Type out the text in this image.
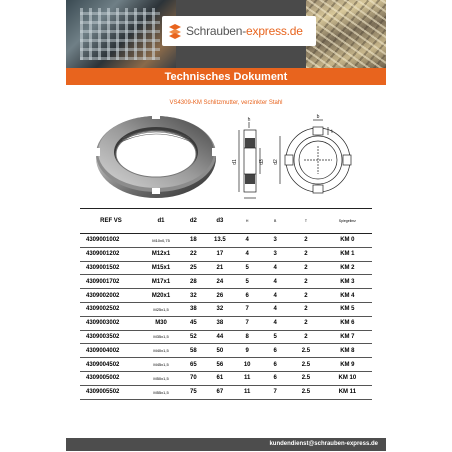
Schrauben-express.de
Technisches Dokument
VS4309-KM Schlitzmutter, verzinkter Stahl
h
d1	d3
b
t
d2
REF VS	d1	d2	d3	H	B	T	Spiegellmz
4309001002	M10x0,75	18	13.5	4	3	2	KM 0
4309001202	M12x1	22	17	4	3	2	KM 1
4309001502	M15x1	25	21	5	4	2	KM 2
4309001702	M17x1	28	24	5	4	2	KM 3
4309002002	M20x1	32	26	6	4	2	KM 4
4309002502	M25x1,5	38	32	7	4	2	KM 5
4309003002	M30	45	38	7	4	2	KM 6
4309003502	M35x1,5	52	44	8	5	2	KM 7
4309004002	M40x1,5	58	50	9	6	2.5	KM 8
4309004502	M45x1,5	65	56	10	6	2.5	KM 9
4309005002	M50x1,5	70	61	11	6	2.5	KM 10
4309005502	M55x1,5	75	67	11	7	2.5	KM 11
kundendienst@schrauben-express.de
